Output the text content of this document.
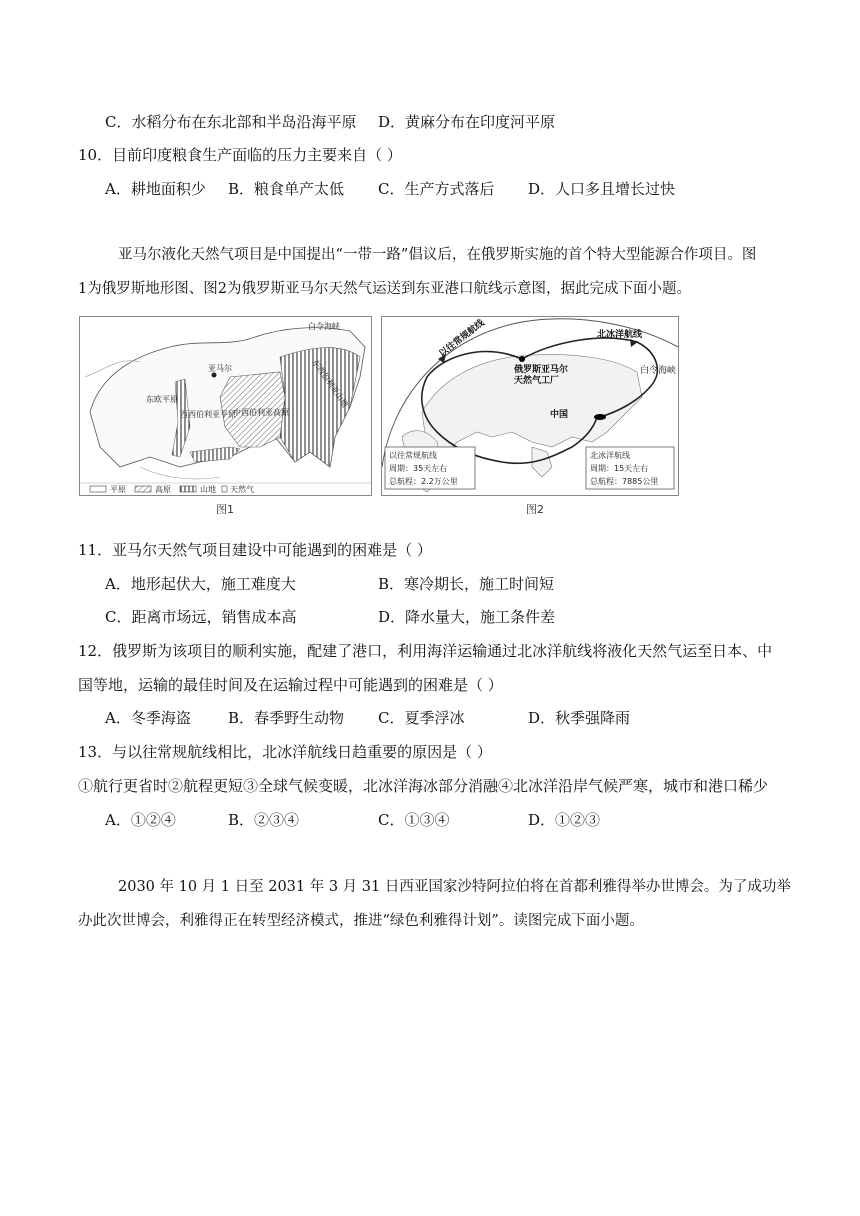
C．水稻分布在东北部和半岛沿海平原 D．黄麻分布在印度河平原
10．目前印度粮食生产面临的压力主要来自（ ）
A．耕地面积少 B．粮食单产太低 C．生产方式落后 D．人口多且增长过快
亚马尔液化天然气项目是中国提出“一带一路”倡议后，在俄罗斯实施的首个特大型能源合作项目。图
1为俄罗斯地形图、图2为俄罗斯亚马尔天然气运送到东亚港口航线示意图，据此完成下面小题。
白令海峡
亚马尔
东欧平原
西西伯利亚平原
中西伯利亚高原
东西伯利亚山地
平原	高原	山地 天然气
图1
以往常规航线	北冰洋航线
俄罗斯亚马尔
天然气工厂
白令海峡
中国
以往常规航线
周期：35天左右
总航程：2.2万公里
北冰洋航线
周期：15天左右
总航程：7885公里
图2
11．亚马尔天然气项目建设中可能遇到的困难是（ ）
A．地形起伏大，施工难度大	B．寒冷期长，施工时间短
C．距离市场远，销售成本高	D．降水量大，施工条件差
12．俄罗斯为该项目的顺利实施，配建了港口，利用海洋运输通过北冰洋航线将液化天然气运至日本、中
国等地，运输的最佳时间及在运输过程中可能遇到的困难是（ ）
A．冬季海盗 B．春季野生动物 C．夏季浮冰	D．秋季强降雨
13．与以往常规航线相比，北冰洋航线日趋重要的原因是（ ）
①航行更省时②航程更短③全球气候变暖，北冰洋海冰部分消融④北冰洋沿岸气候严寒，城市和港口稀少
A．①②④	B．②③④	C．①③④	D．①②③
2030 年 10 月 1 日至 2031 年 3 月 31 日西亚国家沙特阿拉伯将在首都利雅得举办世博会。为了成功举
办此次世博会，利雅得正在转型经济模式，推进“绿色利雅得计划”。读图完成下面小题。
